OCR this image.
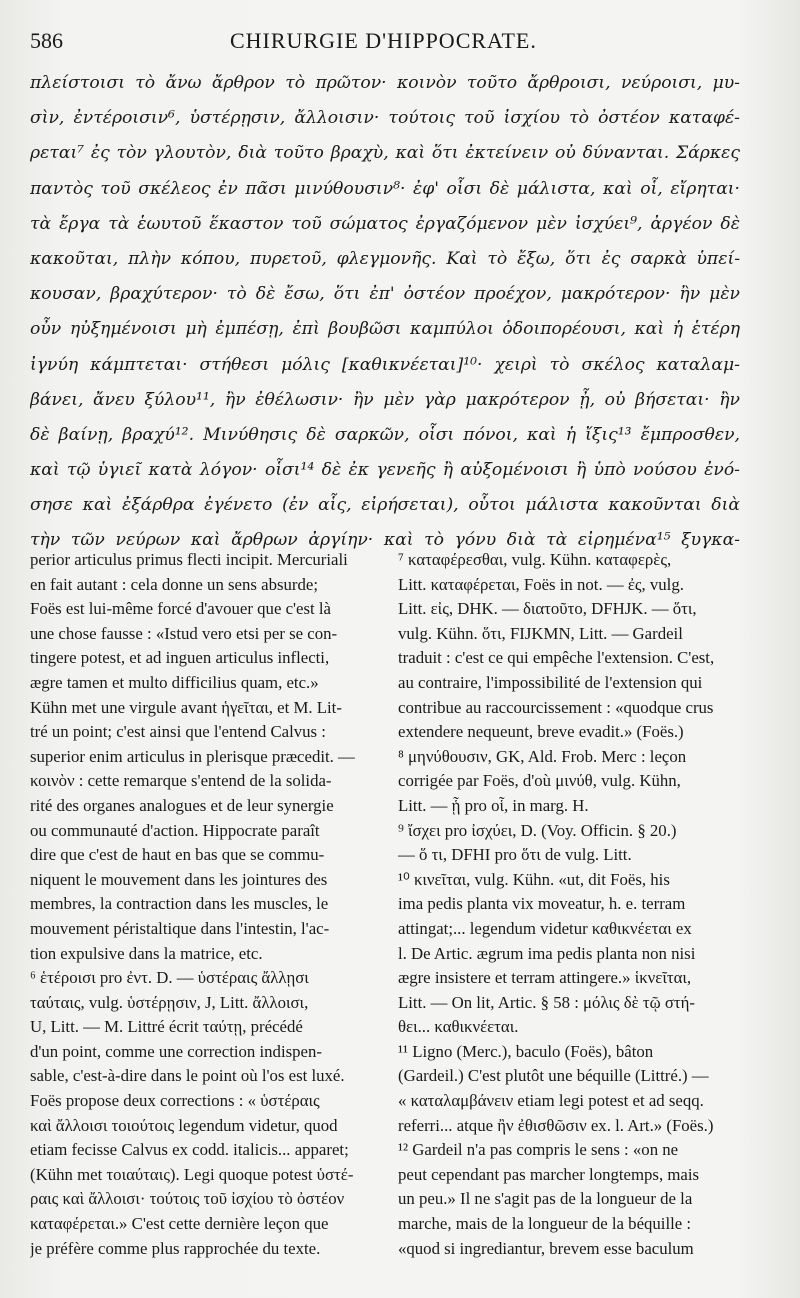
586	CHIRURGIE D'HIPPOCRATE.
πλείστοισι τὸ ἄνω ἄρθρον τὸ πρῶτον· κοινὸν τοῦτο ἄρθροισι, νεύροισι, μυ-
σὶν, ἐντέροισιν⁶, ὑστέρῃσιν, ἄλλοισιν· τούτοις τοῦ ἰσχίου τὸ ὀστέον καταφέ-
ρεται⁷ ἐς τὸν γλουτὸν, διὰ τοῦτο βραχὺ, καὶ ὅτι ἐκτείνειν οὐ δύνανται. Σάρκες
παντὸς τοῦ σκέλεος ἐν πᾶσι μινύθουσιν⁸· ἐφ' οἷσι δὲ μάλιστα, καὶ οἷ, εἴρηται·
τὰ ἔργα τὰ ἑωυτοῦ ἕκαστον τοῦ σώματος ἐργαζόμενον μὲν ἰσχύει⁹, ἀργέον δὲ
κακοῦται, πλὴν κόπου, πυρετοῦ, φλεγμονῆς. Καὶ τὸ ἔξω, ὅτι ἐς σαρκὰ ὑπεί-
κουσαν, βραχύτερον· τὸ δὲ ἔσω, ὅτι ἐπ' ὀστέον προέχον, μακρότερον· ἢν μὲν
οὖν ηὐξημένοισι μὴ ἐμπέσῃ, ἐπὶ βουβῶσι καμπύλοι ὁδοιπορέουσι, καὶ ἡ ἑτέρη
ἰγνύη κάμπτεται· στήθεσι μόλις [καθικνέεται]¹⁰· χειρὶ τὸ σκέλος καταλαμ-
βάνει, ἄνευ ξύλου¹¹, ἢν ἐθέλωσιν· ἢν μὲν γὰρ μακρότερον ᾖ, οὐ βήσεται· ἢν
δὲ βαίνῃ, βραχύ¹². Μινύθησις δὲ σαρκῶν, οἷσι πόνοι, καὶ ἡ ἴξις¹³ ἔμπροσθεν,
καὶ τῷ ὑγιεῖ κατὰ λόγον· οἷσι¹⁴ δὲ ἐκ γενεῆς ἢ αὐξομένοισι ἢ ὑπὸ νούσου ἐνό-
σησε καὶ ἐξάρθρα ἐγένετο (ἐν αἷς, εἰρήσεται), οὗτοι μάλιστα κακοῦνται διὰ
τὴν τῶν νεύρων καὶ ἄρθρων ἀργίην· καὶ τὸ γόνυ διὰ τὰ εἰρημένα¹⁵ ξυγκα-
perior articulus primus flecti incipit. Mercuriali
en fait autant : cela donne un sens absurde;
Foës est lui-même forcé d'avouer que c'est là
une chose fausse : «Istud vero etsi per se con-
tingere potest, et ad inguen articulus inflecti,
ægre tamen et multo difficilius quam, etc.»
Kühn met une virgule avant ἡγεῖται, et M. Lit-
tré un point; c'est ainsi que l'entend Calvus :
superior enim articulus in plerisque præcedit. —
κοινὸν : cette remarque s'entend de la solida-
rité des organes analogues et de leur synergie
ou communauté d'action. Hippocrate paraît
dire que c'est de haut en bas que se commu-
niquent le mouvement dans les jointures des
membres, la contraction dans les muscles, le
mouvement péristaltique dans l'intestin, l'ac-
tion expulsive dans la matrice, etc.
⁶ ἑτέροισι pro ἐντ. D. — ὑστέραις ἄλλῃσι
ταύταις, vulg. ὑστέρῃσιν, J, Litt. ἄλλοισι,
U, Litt. — M. Littré écrit ταύτῃ, précédé
d'un point, comme une correction indispen-
sable, c'est-à-dire dans le point où l'os est luxé.
Foës propose deux corrections : « ὑστέραις
καὶ ἄλλοισι τοιούτοις legendum videtur, quod
etiam fecisse Calvus ex codd. italicis... apparet;
(Kühn met τοιαύταις). Legi quoque potest ὑστέ-
ραις καὶ ἄλλοισι· τούτοις τοῦ ἰσχίου τὸ ὀστέον
καταφέρεται.» C'est cette dernière leçon que
je préfère comme plus rapprochée du texte.
⁷ καταφέρεσθαι, vulg. Kühn. καταφερὲς,
Litt. καταφέρεται, Foës in not. — ἐς, vulg.
Litt. εἰς, DHK. — διατοῦτο, DFHJK. — ὅτι,
vulg. Kühn. ὅτι, FIJKMN, Litt. — Gardeil
traduit : c'est ce qui empêche l'extension. C'est,
au contraire, l'impossibilité de l'extension qui
contribue au raccourcissement : «quodque crus
extendere nequeunt, breve evadit.» (Foës.)
⁸ μηνύθουσιν, GK, Ald. Frob. Merc : leçon
corrigée par Foës, d'où μινύθ, vulg. Kühn,
Litt. — ᾗ pro οἷ, in marg. H.
⁹ ἴσχει pro ἰσχύει, D. (Voy. Officin. § 20.)
— ὅ τι, DFHI pro ὅτι de vulg. Litt.
¹⁰ κινεῖται, vulg. Kühn. «ut, dit Foës, his
ima pedis planta vix moveatur, h. e. terram
attingat;... legendum videtur καθικνέεται ex
l. De Artic. ægrum ima pedis planta non nisi
ægre insistere et terram attingere.» ἱκνεῖται,
Litt. — On lit, Artic. § 58 : μόλις δὲ τῷ στή-
θει... καθικνέεται.
¹¹ Ligno (Merc.), baculo (Foës), bâton
(Gardeil.) C'est plutôt une béquille (Littré.) —
« καταλαμβάνειν etiam legi potest et ad seqq.
referri... atque ἢν ἐθισθῶσιν ex. l. Art.» (Foës.)
¹² Gardeil n'a pas compris le sens : «on ne
peut cependant pas marcher longtemps, mais
un peu.» Il ne s'agit pas de la longueur de la
marche, mais de la longueur de la béquille :
«quod si ingrediantur, brevem esse baculum
